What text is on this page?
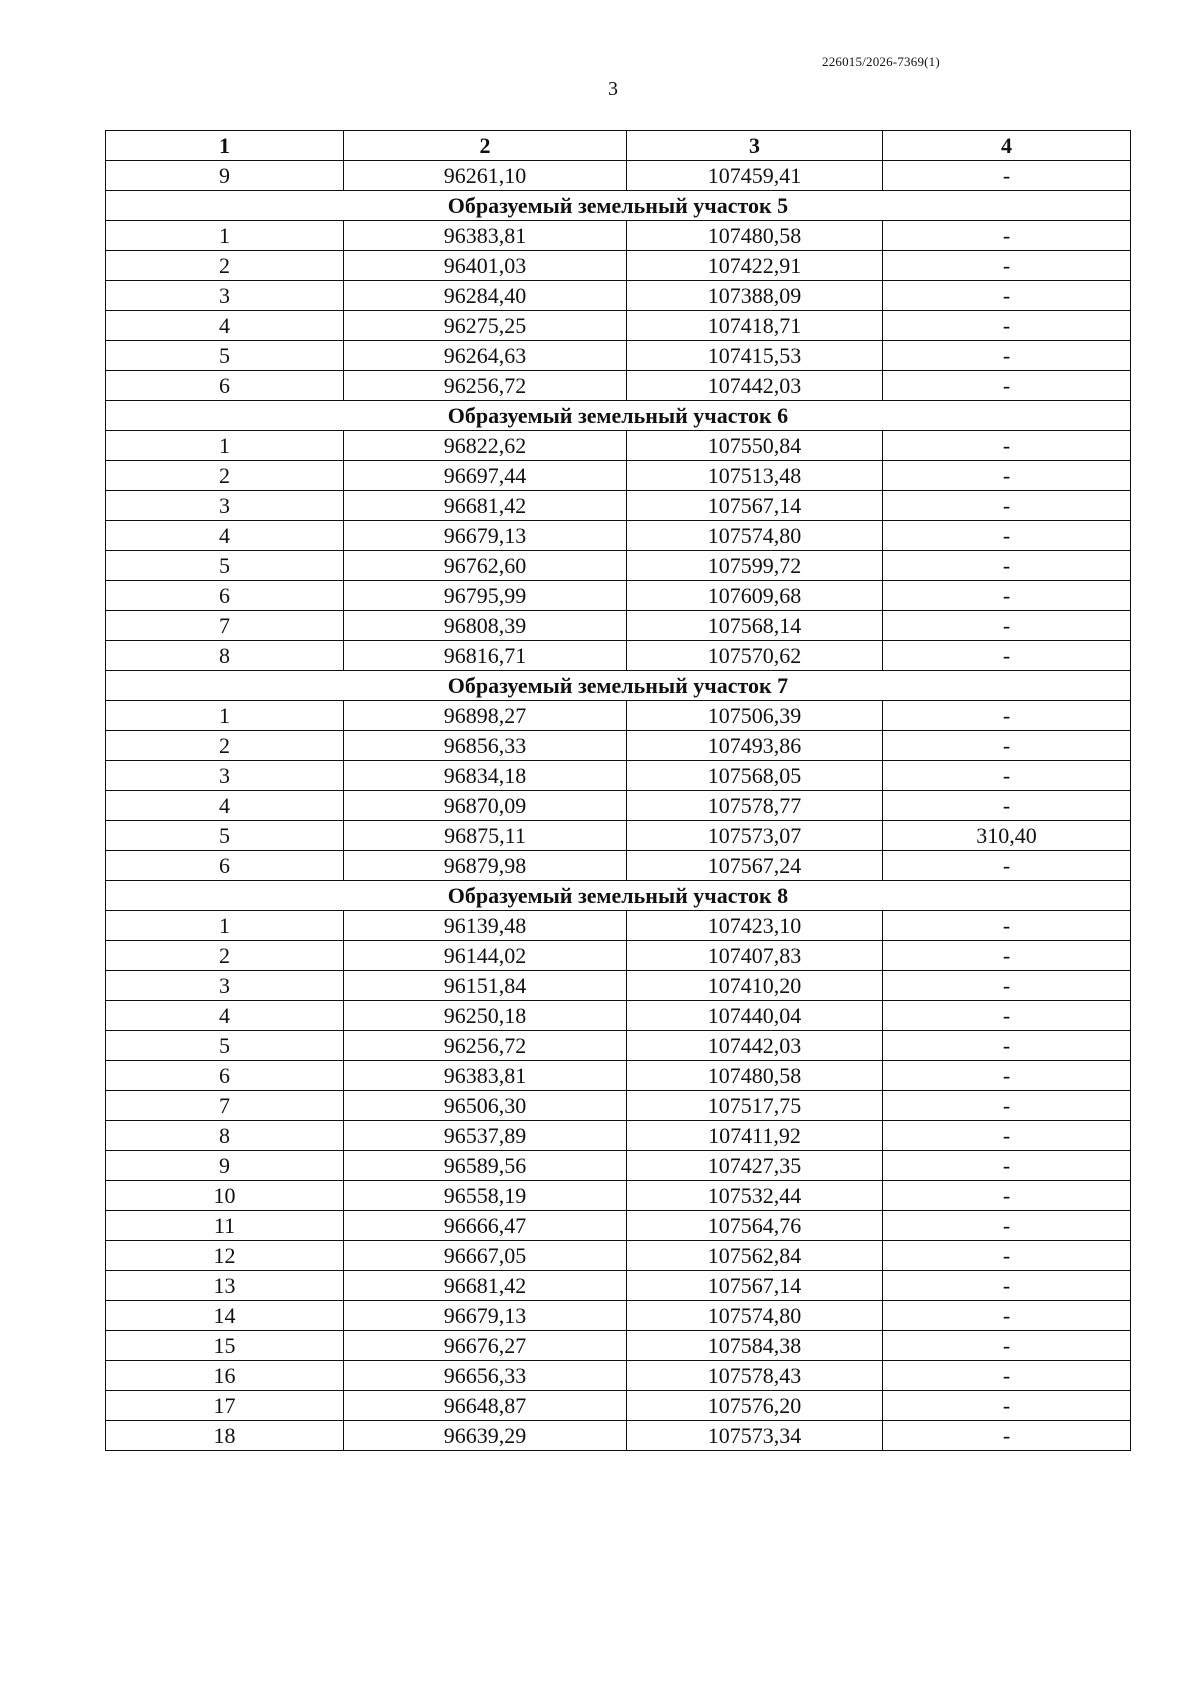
226015/2026-7369(1)
3
1	2	3	4
9	96261,10	107459,41	-
Образуемый земельный участок 5			
1	96383,81	107480,58	-
2	96401,03	107422,91	-
3	96284,40	107388,09	-
4	96275,25	107418,71	-
5	96264,63	107415,53	-
6	96256,72	107442,03	-
Образуемый земельный участок 6			
1	96822,62	107550,84	-
2	96697,44	107513,48	-
3	96681,42	107567,14	-
4	96679,13	107574,80	-
5	96762,60	107599,72	-
6	96795,99	107609,68	-
7	96808,39	107568,14	-
8	96816,71	107570,62	-
Образуемый земельный участок 7			
1	96898,27	107506,39	-
2	96856,33	107493,86	-
3	96834,18	107568,05	-
4	96870,09	107578,77	-
5	96875,11	107573,07	310,40
6	96879,98	107567,24	-
Образуемый земельный участок 8			
1	96139,48	107423,10	-
2	96144,02	107407,83	-
3	96151,84	107410,20	-
4	96250,18	107440,04	-
5	96256,72	107442,03	-
6	96383,81	107480,58	-
7	96506,30	107517,75	-
8	96537,89	107411,92	-
9	96589,56	107427,35	-
10	96558,19	107532,44	-
11	96666,47	107564,76	-
12	96667,05	107562,84	-
13	96681,42	107567,14	-
14	96679,13	107574,80	-
15	96676,27	107584,38	-
16	96656,33	107578,43	-
17	96648,87	107576,20	-
18	96639,29	107573,34	-
